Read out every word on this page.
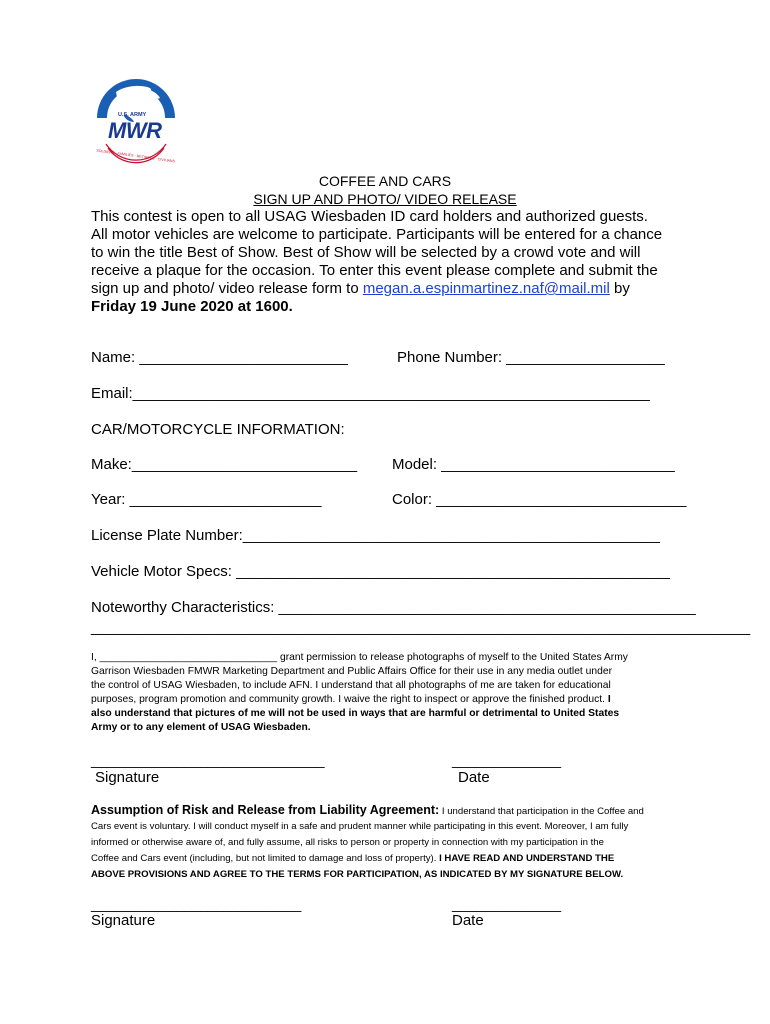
U.S. ARMY
MWR
SOLDIERS · FAMILIES · RETIREES · CIVILIANS
COFFEE AND CARS
SIGN UP AND PHOTO/ VIDEO RELEASE
This contest is open to all USAG Wiesbaden ID card holders and authorized guests.
All motor vehicles are welcome to participate. Participants will be entered for a chance
to win the title Best of Show. Best of Show will be selected by a crowd vote and will
receive a plaque for the occasion. To enter this event please complete and submit the
sign up and photo/ video release form to megan.a.espinmartinez.naf@mail.mil by
Friday 19 June 2020 at 1600.
Name: _________________________	Phone Number: ___________________
Email:______________________________________________________________
CAR/MOTORCYCLE INFORMATION:
Make:___________________________ Model: ____________________________
Year: _______________________	Color: ______________________________
License Plate Number:__________________________________________________
Vehicle Motor Specs: ____________________________________________________
Noteworthy Characteristics: __________________________________________________
_______________________________________________________________________________
I, _______________________________ grant permission to release photographs of myself to the United States Army
Garrison Wiesbaden FMWR Marketing Department and Public Affairs Office for their use in any media outlet under
the control of USAG Wiesbaden, to include AFN. I understand that all photographs of me are taken for educational
purposes, program promotion and community growth. I waive the right to inspect or approve the finished product. I
also understand that pictures of me will not be used in ways that are harmful or detrimental to United States
Army or to any element of USAG Wiesbaden.
______________________________	______________
Signature	Date
Assumption of Risk and Release from Liability Agreement: I understand that participation in the Coffee and
Cars event is voluntary. I will conduct myself in a safe and prudent manner while participating in this event. Moreover, I am fully
informed or otherwise aware of, and fully assume, all risks to person or property in connection with my participation in the
Coffee and Cars event (including, but not limited to damage and loss of property). I HAVE READ AND UNDERSTAND THE
ABOVE PROVISIONS AND AGREE TO THE TERMS FOR PARTICIPATION, AS INDICATED BY MY SIGNATURE BELOW.
___________________________	______________
Signature	Date
